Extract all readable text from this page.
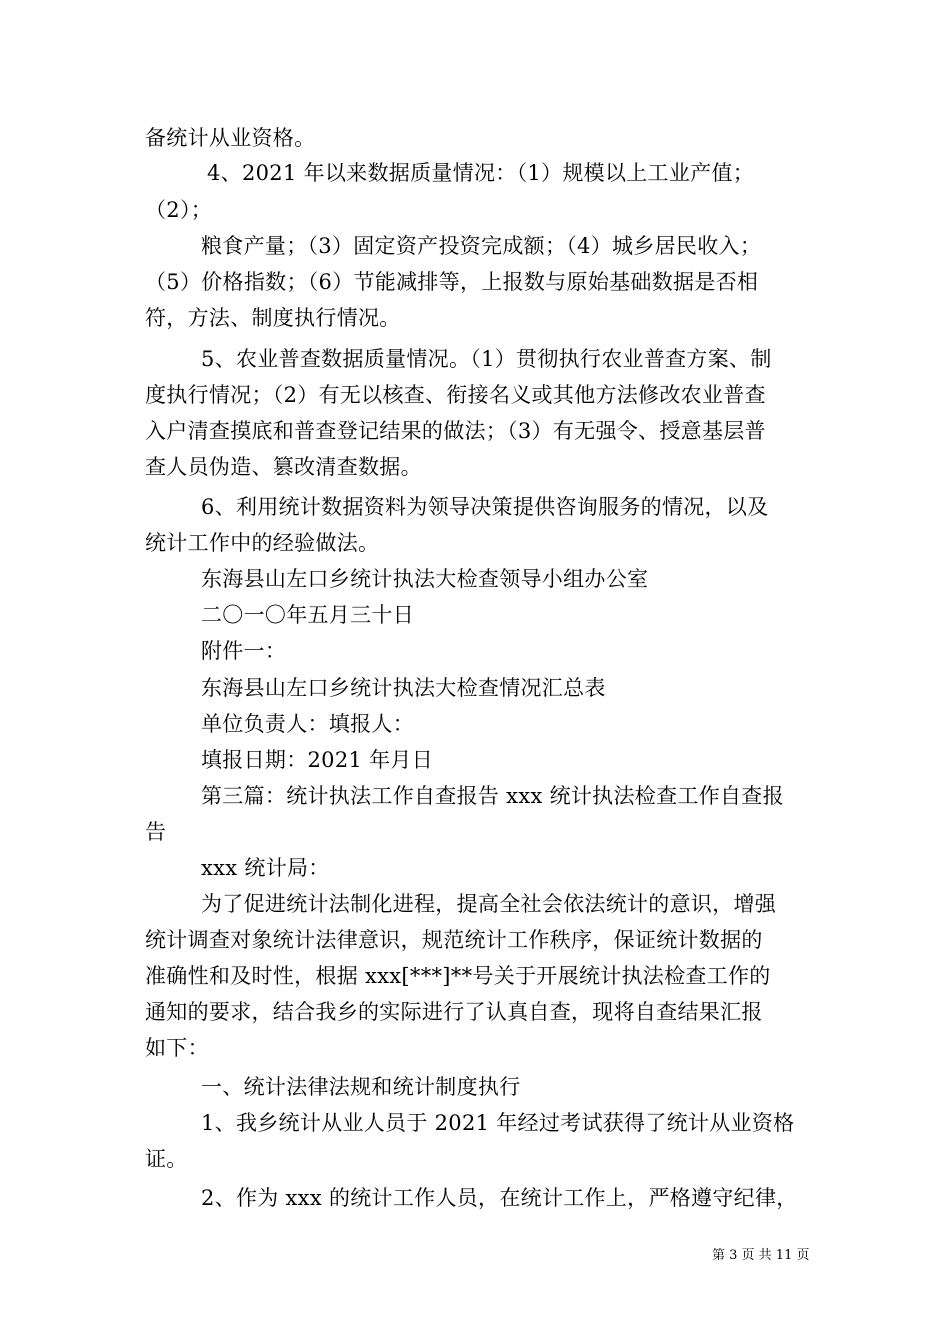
备统计从业资格。
4、2021 年以来数据质量情况：（1）规模以上工业产值；
（2）；
粮食产量；（3）固定资产投资完成额；（4）城乡居民收入；
（5）价格指数；（6）节能减排等，上报数与原始基础数据是否相
符，方法、制度执行情况。
5、农业普查数据质量情况。（1）贯彻执行农业普查方案、制
度执行情况；（2）有无以核查、衔接名义或其他方法修改农业普查
入户清查摸底和普查登记结果的做法；（3）有无强令、授意基层普
查人员伪造、篡改清查数据。
6、利用统计数据资料为领导决策提供咨询服务的情况，以及
统计工作中的经验做法。
东海县山左口乡统计执法大检查领导小组办公室
二〇一〇年五月三十日
附件一：
东海县山左口乡统计执法大检查情况汇总表
单位负责人：填报人：
填报日期：2021 年月日
第三篇：统计执法工作自查报告 xxx 统计执法检查工作自查报
告
xxx 统计局：
为了促进统计法制化进程，提高全社会依法统计的意识，增强
统计调查对象统计法律意识，规范统计工作秩序，保证统计数据的
准确性和及时性，根据 xxx[***]**号关于开展统计执法检查工作的
通知的要求，结合我乡的实际进行了认真自查，现将自查结果汇报
如下：
一、统计法律法规和统计制度执行
1、我乡统计从业人员于 2021 年经过考试获得了统计从业资格
证。
2、作为 xxx 的统计工作人员，在统计工作上，严格遵守纪律，
第 3 页 共 11 页
